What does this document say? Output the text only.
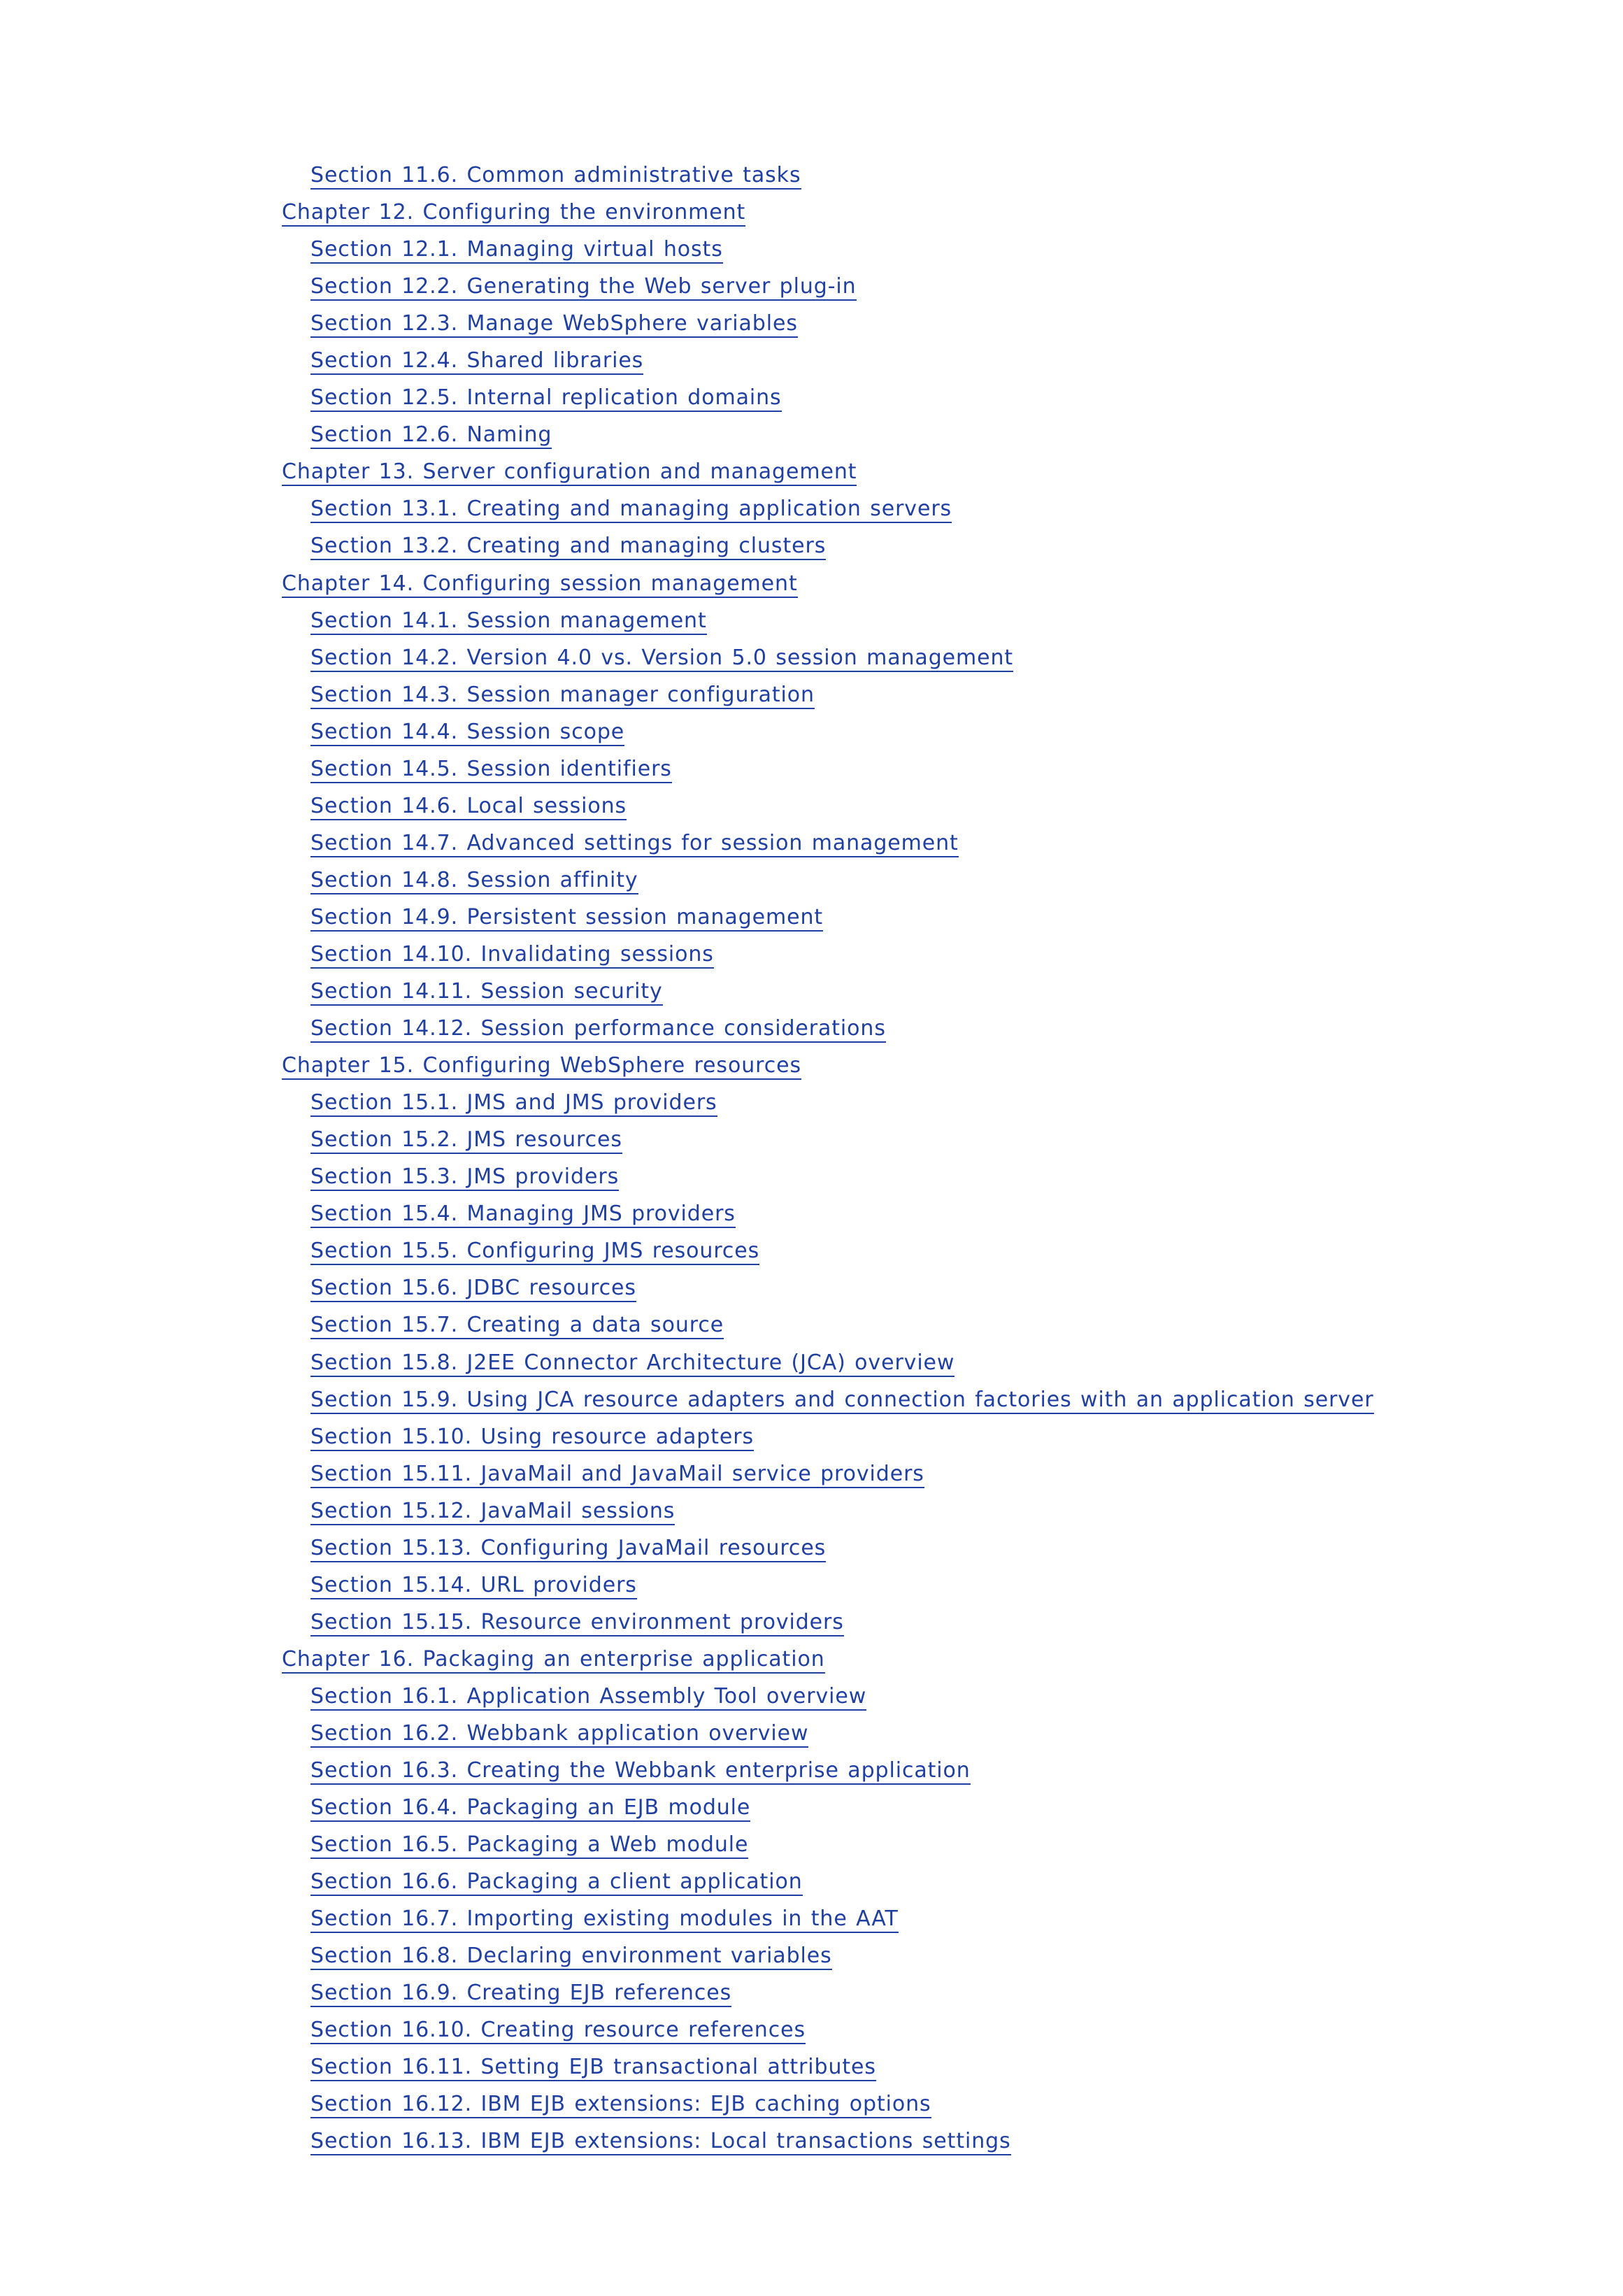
Section 11.6. Common administrative tasks
Chapter 12. Configuring the environment
Section 12.1. Managing virtual hosts
Section 12.2. Generating the Web server plug-in
Section 12.3. Manage WebSphere variables
Section 12.4. Shared libraries
Section 12.5. Internal replication domains
Section 12.6. Naming
Chapter 13. Server configuration and management
Section 13.1. Creating and managing application servers
Section 13.2. Creating and managing clusters
Chapter 14. Configuring session management
Section 14.1. Session management
Section 14.2. Version 4.0 vs. Version 5.0 session management
Section 14.3. Session manager configuration
Section 14.4. Session scope
Section 14.5. Session identifiers
Section 14.6. Local sessions
Section 14.7. Advanced settings for session management
Section 14.8. Session affinity
Section 14.9. Persistent session management
Section 14.10. Invalidating sessions
Section 14.11. Session security
Section 14.12. Session performance considerations
Chapter 15. Configuring WebSphere resources
Section 15.1. JMS and JMS providers
Section 15.2. JMS resources
Section 15.3. JMS providers
Section 15.4. Managing JMS providers
Section 15.5. Configuring JMS resources
Section 15.6. JDBC resources
Section 15.7. Creating a data source
Section 15.8. J2EE Connector Architecture (JCA) overview
Section 15.9. Using JCA resource adapters and connection factories with an application server
Section 15.10. Using resource adapters
Section 15.11. JavaMail and JavaMail service providers
Section 15.12. JavaMail sessions
Section 15.13. Configuring JavaMail resources
Section 15.14. URL providers
Section 15.15. Resource environment providers
Chapter 16. Packaging an enterprise application
Section 16.1. Application Assembly Tool overview
Section 16.2. Webbank application overview
Section 16.3. Creating the Webbank enterprise application
Section 16.4. Packaging an EJB module
Section 16.5. Packaging a Web module
Section 16.6. Packaging a client application
Section 16.7. Importing existing modules in the AAT
Section 16.8. Declaring environment variables
Section 16.9. Creating EJB references
Section 16.10. Creating resource references
Section 16.11. Setting EJB transactional attributes
Section 16.12. IBM EJB extensions: EJB caching options
Section 16.13. IBM EJB extensions: Local transactions settings
